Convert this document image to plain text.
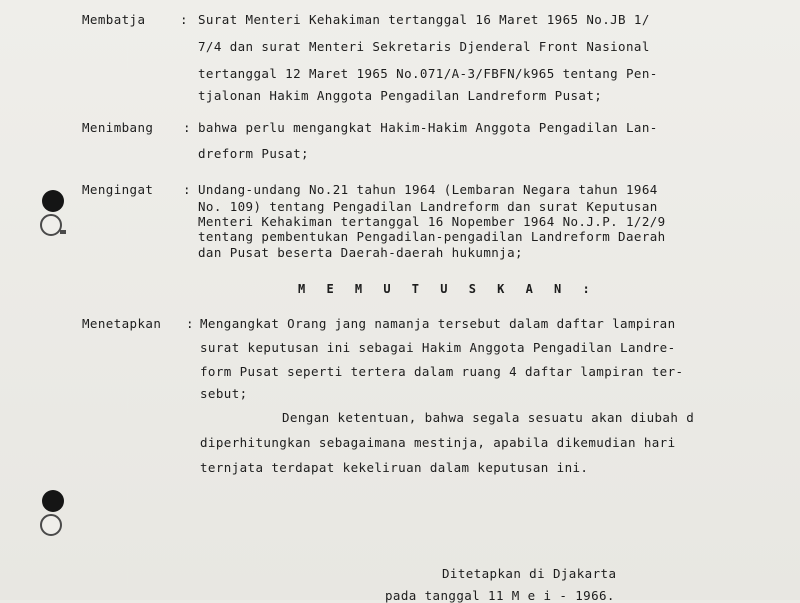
Membatja	: Surat Menteri Kehakiman tertanggal 16 Maret 1965 No.JB 1/
7/4 dan surat Menteri Sekretaris Djenderal Front Nasional
tertanggal 12 Maret 1965 No.071/A-3/FBFN/k965 tentang Pen-
tjalonan Hakim Anggota Pengadilan Landreform Pusat;
Menimbang : bahwa perlu mengangkat Hakim-Hakim Anggota Pengadilan Lan-
dreform Pusat;
Mengingat : Undang-undang No.21 tahun 1964 (Lembaran Negara tahun 1964
No. 109) tentang Pengadilan Landreform dan surat Keputusan
Menteri Kehakiman tertanggal 16 Nopember 1964 No.J.P. 1/2/9
tentang pembentukan Pengadilan-pengadilan Landreform Daerah
dan Pusat beserta Daerah-daerah hukumnja;
M E M U T U S K A N :
Menetapkan : Mengangkat Orang jang namanja tersebut dalam daftar lampiran
surat keputusan ini sebagai Hakim Anggota Pengadilan Landre-
form Pusat seperti tertera dalam ruang 4 daftar lampiran ter-
sebut;
Dengan ketentuan, bahwa segala sesuatu akan diubah d
diperhitungkan sebagaimana mestinja, apabila dikemudian hari
ternjata terdapat kekeliruan dalam keputusan ini.
Ditetapkan di Djakarta
pada tanggal 11 M e i - 1966.
